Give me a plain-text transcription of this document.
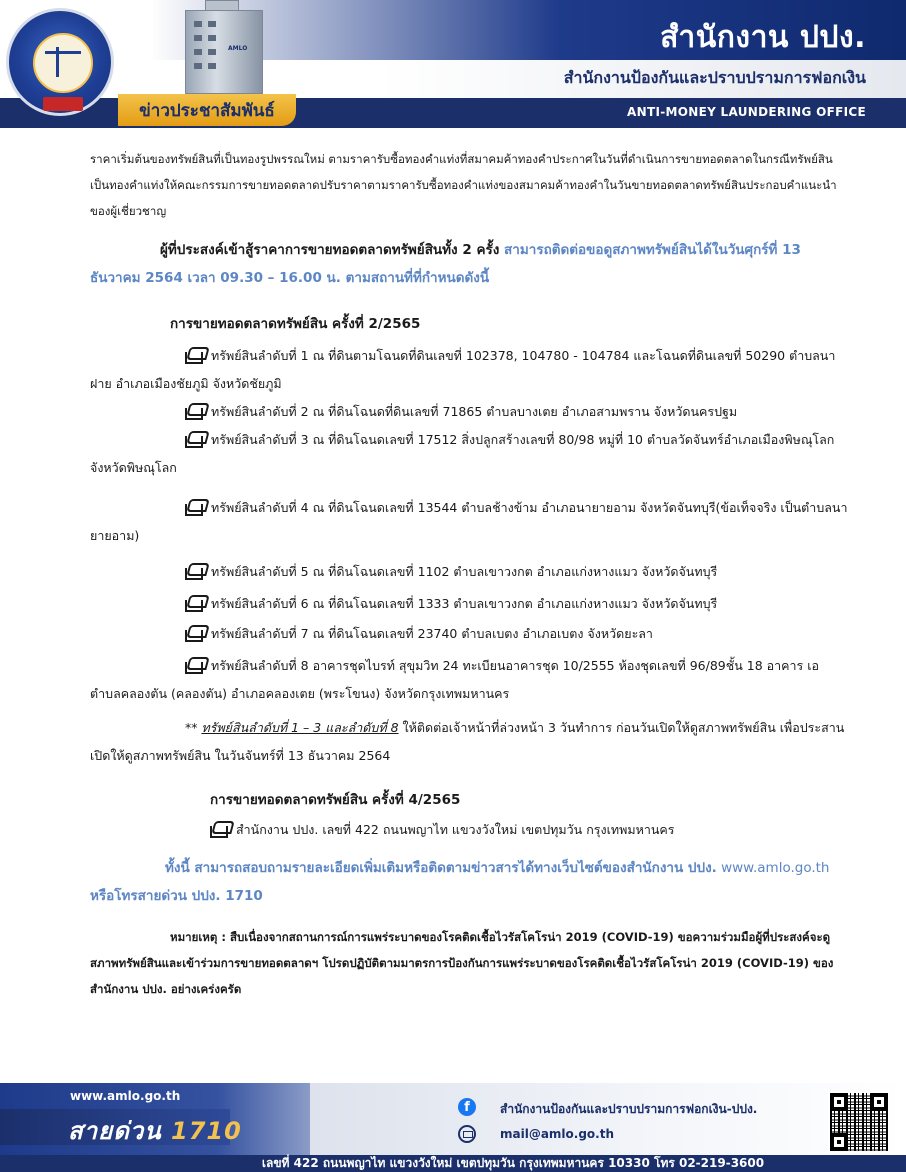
AMLO
ข่าวประชาสัมพันธ์
สำนักงาน ปปง.
สำนักงานป้องกันและปราบปรามการฟอกเงิน
ANTI-MONEY LAUNDERING OFFICE

ราคาเริ่มต้นของทรัพย์สินที่เป็นทองรูปพรรณใหม่ ตามราคารับซื้อทองคำแท่งที่สมาคมค้าทองคำประกาศในวันที่ดำเนินการขายทอดตลาดในกรณีทรัพย์สินเป็นทองคำแท่งให้คณะกรรมการขายทอดตลาดปรับราคาตามราคารับซื้อทองคำแท่งของสมาคมค้าทองคำในวันขายทอดตลาดทรัพย์สินประกอบคำแนะนำของผู้เชี่ยวชาญ

ผู้ที่ประสงค์เข้าสู้ราคาการขายทอดตลาดทรัพย์สินทั้ง 2 ครั้ง สามารถติดต่อขอดูสภาพทรัพย์สินได้ในวันศุกร์ที่ 13 ธันวาคม 2564 เวลา 09.30 – 16.00 น. ตามสถานที่ที่กำหนดดังนี้

การขายทอดตลาดทรัพย์สิน ครั้งที่ 2/2565

ทรัพย์สินลำดับที่ 1 ณ ที่ดินตามโฉนดที่ดินเลขที่ 102378, 104780 - 104784 และโฉนดที่ดินเลขที่ 50290 ตำบลนาฝาย อำเภอเมืองชัยภูมิ จังหวัดชัยภูมิ

ทรัพย์สินลำดับที่ 2 ณ ที่ดินโฉนดที่ดินเลขที่ 71865 ตำบลบางเตย อำเภอสามพราน จังหวัดนครปฐม

ทรัพย์สินลำดับที่ 3 ณ ที่ดินโฉนดเลขที่ 17512 สิ่งปลูกสร้างเลขที่ 80/98 หมู่ที่ 10 ตำบลวัดจันทร์อำเภอเมืองพิษณุโลก จังหวัดพิษณุโลก

ทรัพย์สินลำดับที่ 4 ณ ที่ดินโฉนดเลขที่ 13544 ตำบลช้างข้าม อำเภอนายายอาม จังหวัดจันทบุรี(ข้อเท็จจริง เป็นตำบลนายายอาม)

ทรัพย์สินลำดับที่ 5 ณ ที่ดินโฉนดเลขที่ 1102 ตำบลเขาวงกต อำเภอแก่งหางแมว จังหวัดจันทบุรี

ทรัพย์สินลำดับที่ 6 ณ ที่ดินโฉนดเลขที่ 1333 ตำบลเขาวงกต อำเภอแก่งหางแมว จังหวัดจันทบุรี

ทรัพย์สินลำดับที่ 7 ณ ที่ดินโฉนดเลขที่ 23740 ตำบลเบตง อำเภอเบตง จังหวัดยะลา

ทรัพย์สินลำดับที่ 8 อาคารชุดไบรท์ สุขุมวิท 24 ทะเบียนอาคารชุด 10/2555 ห้องชุดเลขที่ 96/89ชั้น 18 อาคาร เอ ตำบลคลองตัน (คลองตัน) อำเภอคลองเตย (พระโขนง) จังหวัดกรุงเทพมหานคร

** ทรัพย์สินลำดับที่ 1 – 3 และลำดับที่ 8 ให้ติดต่อเจ้าหน้าที่ล่วงหน้า 3 วันทำการ ก่อนวันเปิดให้ดูสภาพทรัพย์สิน เพื่อประสานเปิดให้ดูสภาพทรัพย์สิน ในวันจันทร์ที่ 13 ธันวาคม 2564

การขายทอดตลาดทรัพย์สิน ครั้งที่ 4/2565

สำนักงาน ปปง. เลขที่ 422 ถนนพญาไท แขวงวังใหม่ เขตปทุมวัน กรุงเทพมหานคร

ทั้งนี้ สามารถสอบถามรายละเอียดเพิ่มเติมหรือติดตามข่าวสารได้ทางเว็บไซต์ของสำนักงาน ปปง. www.amlo.go.th หรือโทรสายด่วน ปปง. 1710

หมายเหตุ : สืบเนื่องจากสถานการณ์การแพร่ระบาดของโรคติดเชื้อไวรัสโคโรน่า 2019 (COVID-19) ขอความร่วมมือผู้ที่ประสงค์จะดูสภาพทรัพย์สินและเข้าร่วมการขายทอดตลาดฯ โปรดปฏิบัติตามมาตรการป้องกันการแพร่ระบาดของโรคติดเชื้อไวรัสโคโรน่า 2019 (COVID-19) ของสำนักงาน ปปง. อย่างเคร่งครัด

www.amlo.go.th
สายด่วน 1710
f	สำนักงานป้องกันและปราบปรามการฟอกเงิน-ปปง.
mail@amlo.go.th
เลขที่ 422 ถนนพญาไท แขวงวังใหม่ เขตปทุมวัน กรุงเทพมหานคร 10330 โทร 02-219-3600
